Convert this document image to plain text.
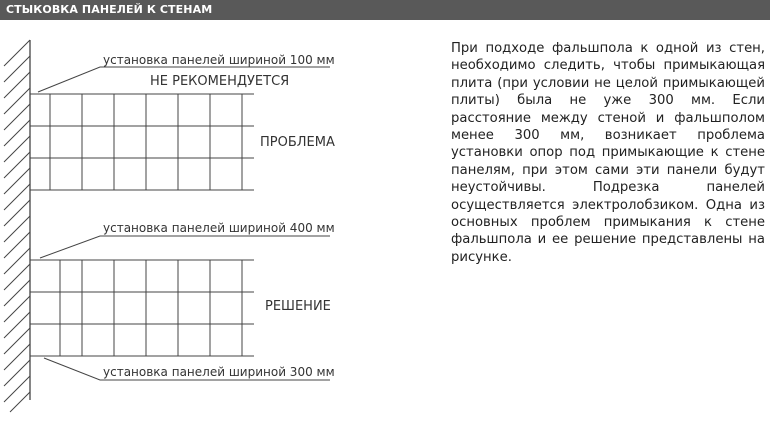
СТЫКОВКА ПАНЕЛЕЙ К СТЕНАМ
установка панелей шириной 100 мм
НЕ РЕКОМЕНДУЕТСЯ
ПРОБЛЕМА
установка панелей шириной 400 мм
РЕШЕНИЕ
установка панелей шириной 300 мм

При подходе фальшпола к одной из стен, необходимо следить, чтобы примыкающая плита (при условии не целой примыкающей плиты) была не уже 300 мм. Если расстояние между стеной и фальшполом менее 300 мм, возникает проблема установки опор под примыкающие к стене панелям, при этом сами эти панели будут неустойчивы. Подрезка панелей осуществляется электролобзиком. Одна из основных проблем примыкания к стене фальшпола и ее решение представлены на рисунке.
